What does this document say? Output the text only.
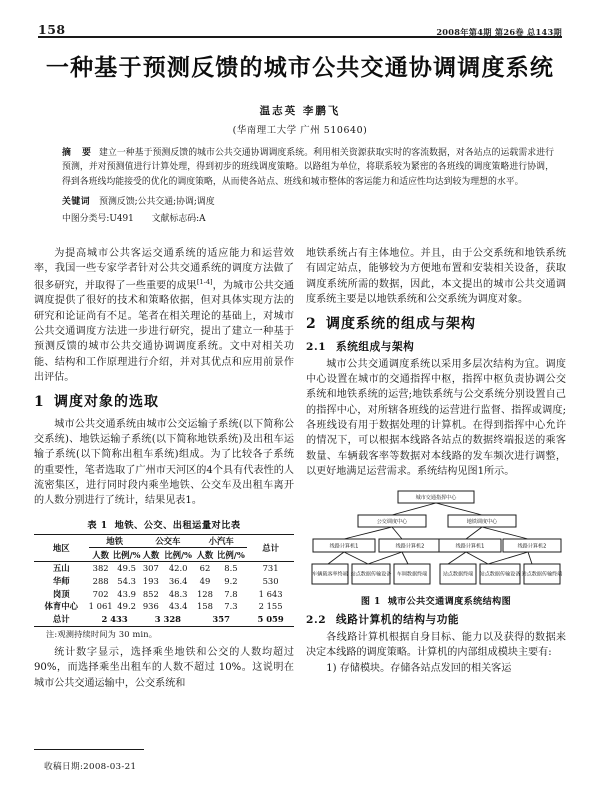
158	2008年第4期 第26卷 总143期
一种基于预测反馈的城市公共交通协调调度系统
温志英 李鹏飞
(华南理工大学 广州 510640)

摘 要 建立一种基于预测反馈的城市公共交通协调调度系统。利用相关资源获取实时的客流数据，对各站点的运载需求进行预测，并对预测值进行计算处理，得到初步的班线调度策略。以路组为单位，将联系较为紧密的各班线的调度策略进行协调，得到各班线均能接受的优化的调度策略，从而使各站点、班线和城市整体的客运能力和适应性均达到较为理想的水平。

关键词 预测反馈;公共交通;协调;调度

中图分类号:U491 文献标志码:A

为提高城市公共客运交通系统的适应能力和运营效率，我国一些专家学者针对公共交通系统的调度方法做了很多研究，并取得了一些重要的成果[1-4]，为城市公共交通调度提供了很好的技术和策略依据，但对具体实现方法的研究和论证尚有不足。笔者在相关理论的基础上，对城市公共交通调度方法进一步进行研究，提出了建立一种基于预测反馈的城市公共交通协调调度系统。文中对相关功能、结构和工作原理进行介绍，并对其优点和应用前景作出评估。

1 调度对象的选取

城市公共交通系统由城市公交运输子系统(以下简称公交系统)、地铁运输子系统(以下简称地铁系统)及出租车运输子系统(以下简称出租车系统)组成。为了比较各子系统的重要性，笔者选取了广州市天河区的4个具有代表性的人流密集区，进行同时段内乘坐地铁、公交车及出租车离开的人数分别进行了统计，结果见表1。

表 1 地铁、公交、出租运量对比表
地区	地铁		公交车		小汽车		总计
	人数	比例/%	人数	比例/%	人数	比例/%	
五山	382	49.5	307	42.0	62	8.5	731
华师	288	54.3	193	36.4	49	9.2	530
岗顶	702	43.9	852	48.3	128	7.8	1 643
体育中心	1 061	49.2	936	43.4	158	7.3	2 155
总计	2 433		3 328		357		5 059

注:观测持续时间为 30 min。

统计数字显示，选择乘坐地铁和公交的人数均超过 90%，而选择乘坐出租车的人数不超过 10%。这说明在城市公共交通运输中，公交系统和

地铁系统占有主体地位。并且，由于公交系统和地铁系统有固定站点，能够较为方便地布置和安装相关设备，获取调度系统所需的数据，因此，本文提出的城市公共交通调度系统主要是以地铁系统和公交系统为调度对象。

2 调度系统的组成与架构
2.1 系统组成与架构

城市公共交通调度系统以采用多层次结构为宜。调度中心设置在城市的交通指挥中枢，指挥中枢负责协调公交系统和地铁系统的运营;地铁系统与公交系统分别设置自己的指挥中心，对所辖各班线的运营进行监督、指挥或调度;各班线设有用于数据处理的计算机。在得到指挥中心允许的情况下，可以根据本线路各站点的数据终端报送的乘客数量、车辆载客率等数据对本线路的发车频次进行调整，以更好地满足运营需求。系统结构见图1所示。

城市交通指挥中心
公交调度中心	地铁调度中心
线路计算机1	线路计算机2	线路计算机1	线路计算机2
车辆载客率终端 站点数据传输设备 车调数据终端	站点数据终端 站点数据传输设备 站点数据传输终端
图 1 城市公共交通调度系统结构图
2.2 线路计算机的结构与功能

各线路计算机根据自身目标、能力以及获得的数据来决定本线路的调度策略。计算机的内部组成模块主要有:

1) 存储模块。存储各站点发回的相关客运

收稿日期:2008-03-21
